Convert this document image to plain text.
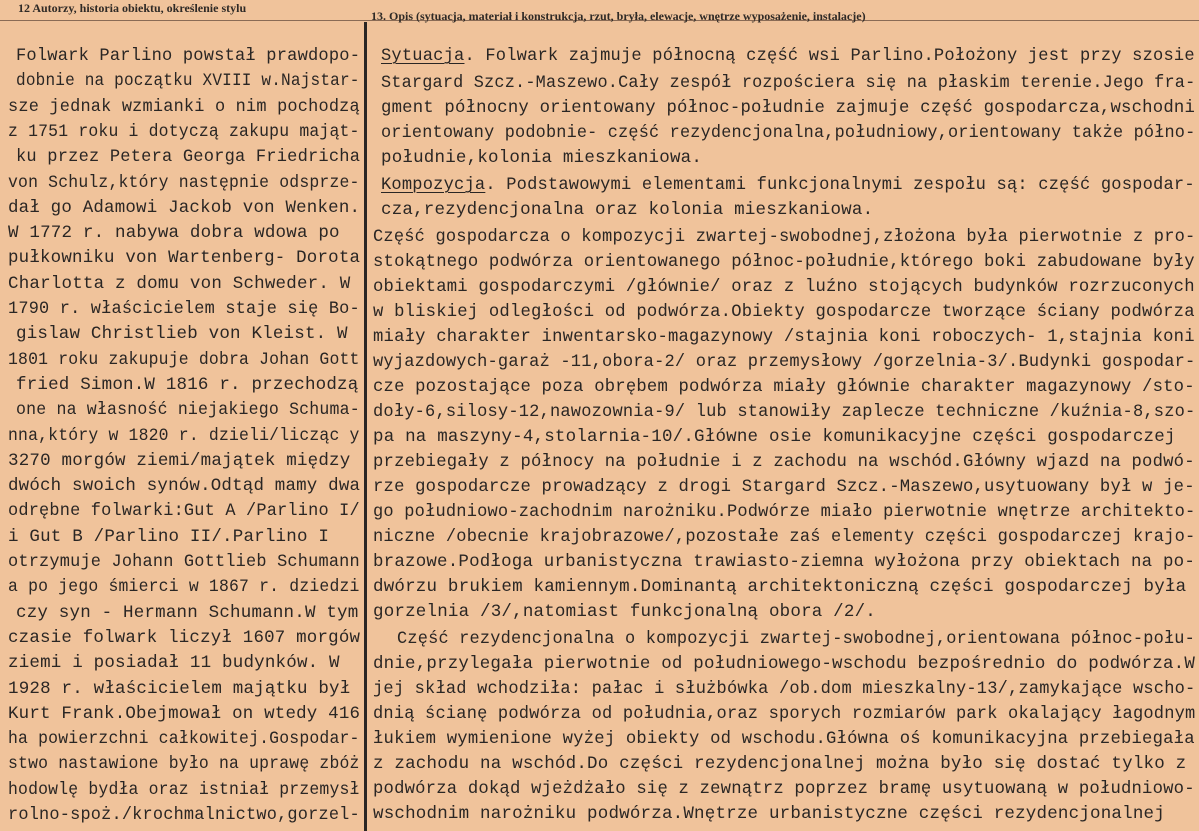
12 Autorzy, historia obiektu, określenie stylu
13. Opis (sytuacja, materiał i konstrukcja, rzut, bryła, elewacje, wnętrze wyposażenie, instalacje)
Folwark Parlino powstał prawdopo-
dobnie na początku XVIII w.Najstar-
sze jednak wzmianki o nim pochodzą
z 1751 roku i dotyczą zakupu mająt-
ku przez Petera Georga Friedricha
von Schulz,który następnie odsprze-
dał go Adamowi Jackob von Wenken.
W 1772 r. nabywa dobra wdowa po
pułkowniku von Wartenberg- Dorota
Charlotta z domu von Schweder. W
1790 r. właścicielem staje się Bo-
gislaw Christlieb von Kleist. W
1801 roku zakupuje dobra Johan Gott
fried Simon.W 1816 r. przechodzą
one na własność niejakiego Schuma-
nna,który w 1820 r. dzieli/licząc y
3270 morgów ziemi/majątek między
dwóch swoich synów.Odtąd mamy dwa
odrębne folwarki:Gut A /Parlino I/
i Gut B /Parlino II/.Parlino I
otrzymuje Johann Gottlieb Schumann
a po jego śmierci w 1867 r. dziedzi
czy syn - Hermann Schumann.W tym
czasie folwark liczył 1607 morgów
ziemi i posiadał 11 budynków. W
1928 r. właścicielem majątku był
Kurt Frank.Obejmował on wtedy 416
ha powierzchni całkowitej.Gospodar-
stwo nastawione było na uprawę zbóż
hodowlę bydła oraz istniał przemysł
rolno-spoż./krochmalnictwo,gorzel-
Sytuacja. Folwark zajmuje północną część wsi Parlino.Położony jest przy szosie
Stargard Szcz.-Maszewo.Cały zespół rozpościera się na płaskim terenie.Jego fra-
gment północny orientowany północ-południe zajmuje część gospodarcza,wschodni
orientowany podobnie- część rezydencjonalna,południowy,orientowany także półno-
południe,kolonia mieszkaniowa.
Kompozycja. Podstawowymi elementami funkcjonalnymi zespołu są: część gospodar-
cza,rezydencjonalna oraz kolonia mieszkaniowa.
Część gospodarcza o kompozycji zwartej-swobodnej,złożona była pierwotnie z pro-
stokątnego podwórza orientowanego północ-południe,którego boki zabudowane były
obiektami gospodarczymi /głównie/ oraz z luźno stojących budynków rozrzuconych
w bliskiej odległości od podwórza.Obiekty gospodarcze tworzące ściany podwórza
miały charakter inwentarsko-magazynowy /stajnia koni roboczych- 1,stajnia koni
wyjazdowych-garaż -11,obora-2/ oraz przemysłowy /gorzelnia-3/.Budynki gospodar-
cze pozostające poza obrębem podwórza miały głównie charakter magazynowy /sto-
doły-6,silosy-12,nawozownia-9/ lub stanowiły zaplecze techniczne /kuźnia-8,szo-
pa na maszyny-4,stolarnia-10/.Główne osie komunikacyjne części gospodarczej
przebiegały z północy na południe i z zachodu na wschód.Główny wjazd na podwó-
rze gospodarcze prowadzący z drogi Stargard Szcz.-Maszewo,usytuowany był w je-
go południowo-zachodnim narożniku.Podwórze miało pierwotnie wnętrze architekto-
niczne /obecnie krajobrazowe/,pozostałe zaś elementy części gospodarczej krajo-
brazowe.Podłoga urbanistyczna trawiasto-ziemna wyłożona przy obiektach na po-
dwórzu brukiem kamiennym.Dominantą architektoniczną części gospodarczej była
gorzelnia /3/,natomiast funkcjonalną obora /2/.
Część rezydencjonalna o kompozycji zwartej-swobodnej,orientowana północ-połu-
dnie,przylegała pierwotnie od południowego-wschodu bezpośrednio do podwórza.W
jej skład wchodziła: pałac i służbówka /ob.dom mieszkalny-13/,zamykające wscho-
dnią ścianę podwórza od południa,oraz sporych rozmiarów park okalający łagodnym
łukiem wymienione wyżej obiekty od wschodu.Główna oś komunikacyjna przebiegała
z zachodu na wschód.Do części rezydencjonalnej można było się dostać tylko z
podwórza dokąd wjeżdżało się z zewnątrz poprzez bramę usytuowaną w południowo-
wschodnim narożniku podwórza.Wnętrze urbanistyczne części rezydencjonalnej
